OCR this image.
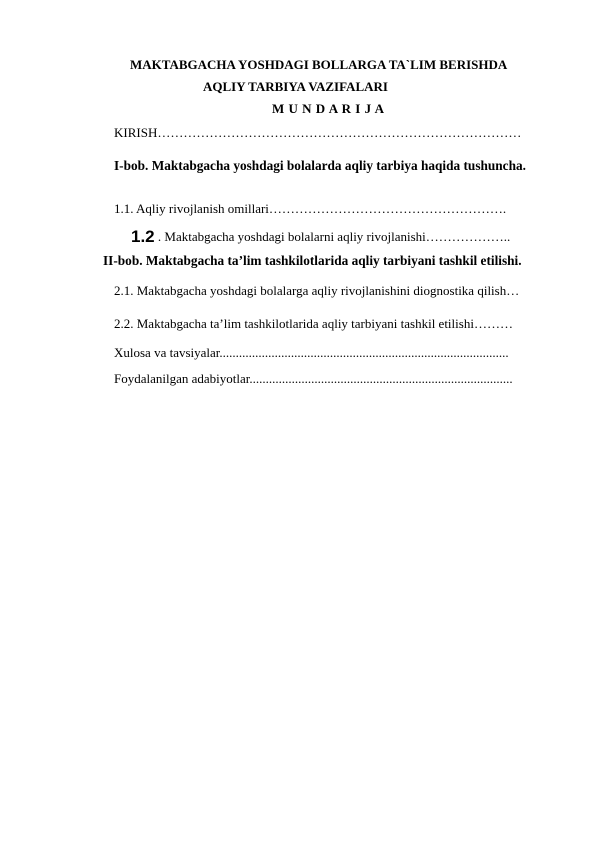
MAKTABGACHA YOSHDAGI BOLLARGA TA`LIM BERISHDA
AQLIY TARBIYA VAZIFALARI
M U N D A R I J A
KIRISH…………………………………………………………………………
I-bob. Maktabgacha yoshdagi bolalarda aqliy tarbiya haqida tushuncha.
1.1. Aqliy rivojlanish omillari……………………………………………….
1.2 . Maktabgacha yoshdagi bolalarni aqliy rivojlanishi………………..
II-bob. Maktabgacha ta’lim tashkilotlarida aqliy tarbiyani tashkil etilishi.
2.1. Maktabgacha yoshdagi bolalarga aqliy rivojlanishini diognostika qilish…
2.2. Maktabgacha ta’lim tashkilotlarida aqliy tarbiyani tashkil etilishi………
Xulosa va tavsiyalar.........................................................................................
Foydalanilgan adabiyotlar.................................................................................
